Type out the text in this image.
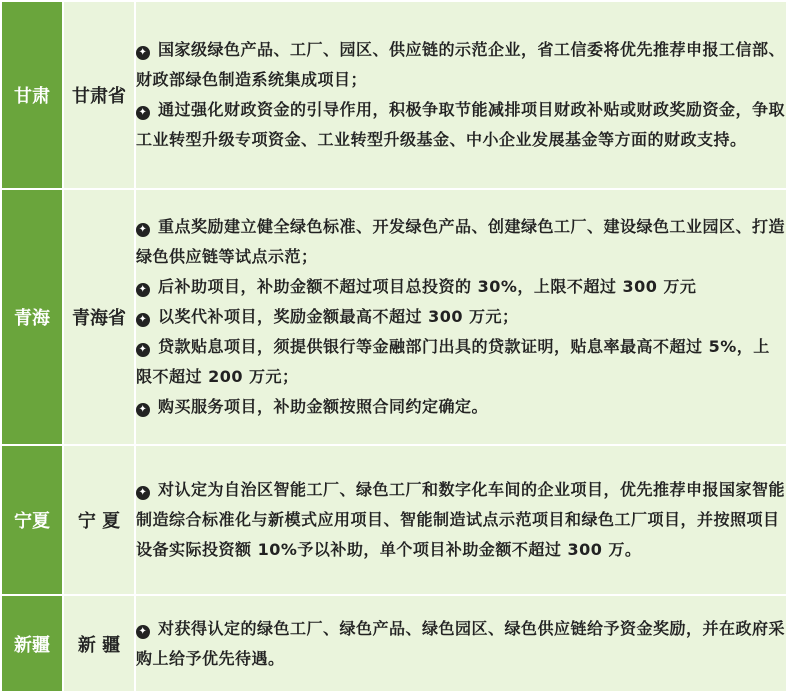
甘肃	甘肃省	✦ 国家级绿色产品、工厂、园区、供应链的示范企业，省工信委将优先推荐申报工信部、财政部绿色制造系统集成项目；
✦ 通过强化财政资金的引导作用，积极争取节能减排项目财政补贴或财政奖励资金，争取工业转型升级专项资金、工业转型升级基金、中小企业发展基金等方面的财政支持。

青海	青海省	✦ 重点奖励建立健全绿色标准、开发绿色产品、创建绿色工厂、建设绿色工业园区、打造绿色供应链等试点示范；
✦ 后补助项目，补助金额不超过项目总投资的 30%，上限不超过 300 万元
✦ 以奖代补项目，奖励金额最高不超过 300 万元；
✦ 贷款贴息项目，须提供银行等金融部门出具的贷款证明，贴息率最高不超过 5%，上限不超过 200 万元；
✦ 购买服务项目，补助金额按照合同约定确定。

宁夏	宁 夏	✦ 对认定为自治区智能工厂、绿色工厂和数字化车间的企业项目，优先推荐申报国家智能制造综合标准化与新模式应用项目、智能制造试点示范项目和绿色工厂项目，并按照项目设备实际投资额 10%予以补助，单个项目补助金额不超过 300 万。

新疆	新 疆	✦ 对获得认定的绿色工厂、绿色产品、绿色园区、绿色供应链给予资金奖励，并在政府采购上给予优先待遇。
